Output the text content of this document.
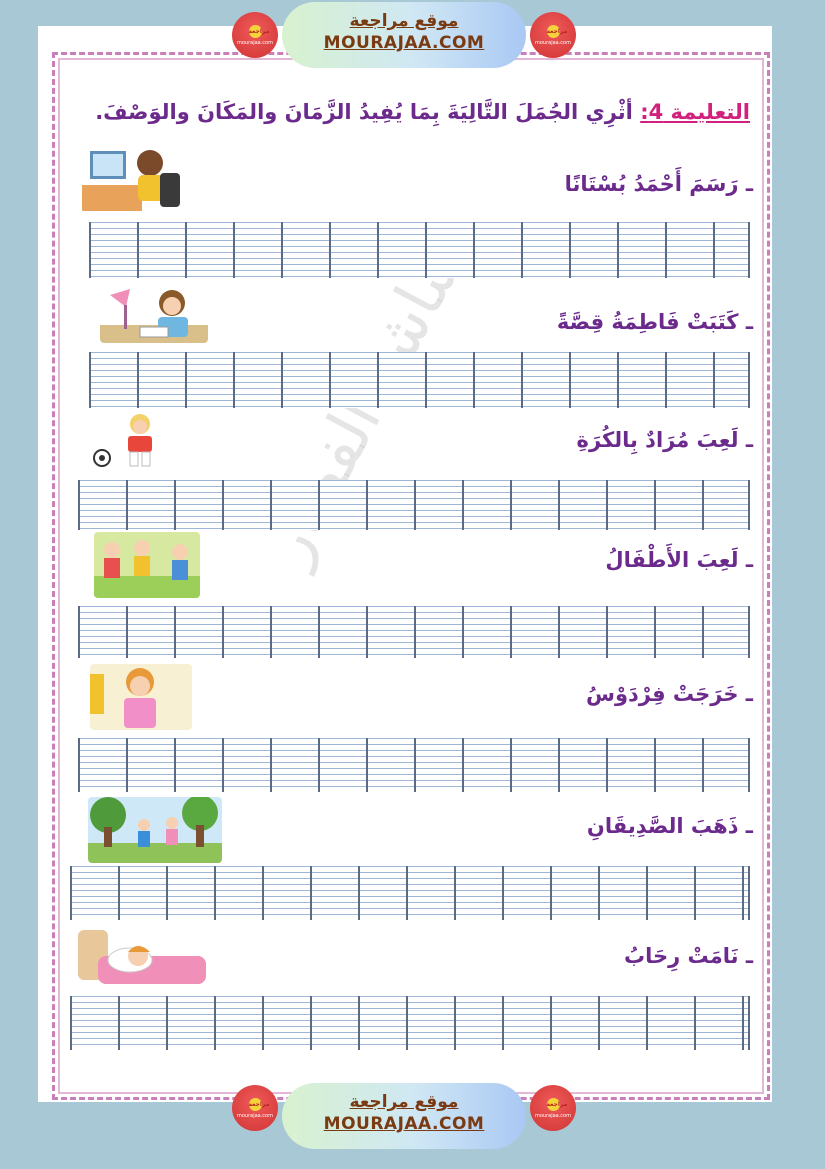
مراجعة
mourajaa.com
موقع مراجعة
MOURAJAA.COM
مراجعة
mourajaa.com
التعليمة 4: أثْرِي الجُمَلَ التَّالِيَةَ بِمَا يُفِيدُ الزَّمَانَ والمَكَانَ والوَصْفَ.
ـ رَسَمَ أَحْمَدُ بُسْتَانًا
ـ كَتَبَتْ فَاطِمَةُ قِصَّةً
ـ لَعِبَ مُرَادٌ بِالكُرَةِ
ـ لَعِبَ الأَطْفَالُ
ـ خَرَجَتْ فِرْدَوْسُ
ـ ذَهَبَ الصَّدِيقَانِ
ـ نَامَتْ رِحَابُ
مراجعة
mourajaa.com
موقع مراجعة
MOURAJAA.COM
مراجعة
mourajaa.com
